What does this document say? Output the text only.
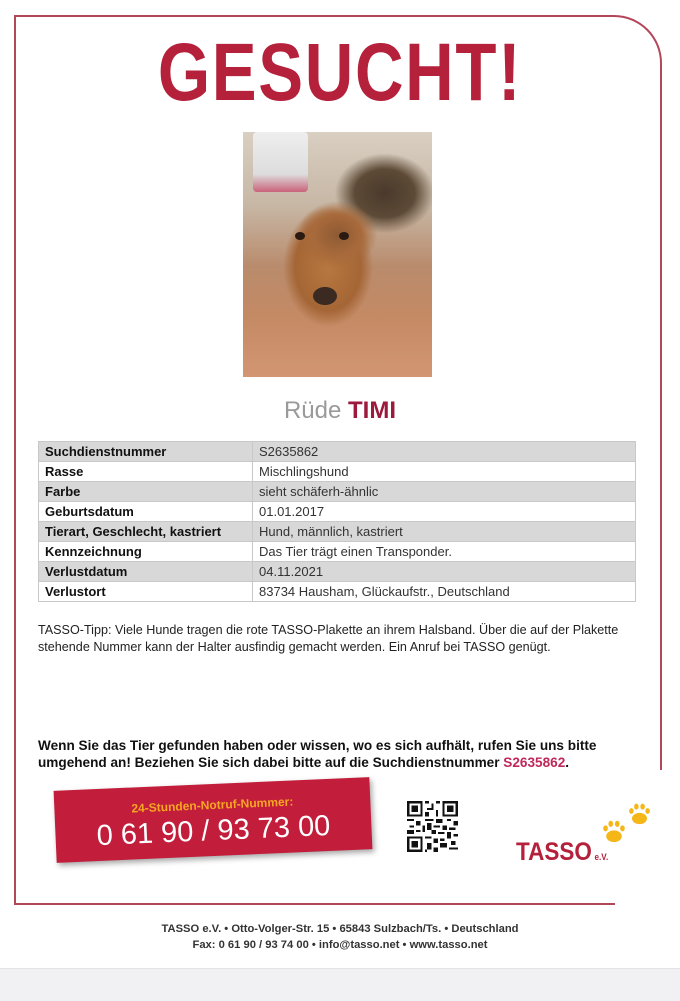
GESUCHT!
Rüde TIMI
Suchdienstnummer	S2635862
Rasse	Mischlingshund
Farbe	sieht schäferh-ähnlic
Geburtsdatum	01.01.2017
Tierart, Geschlecht, kastriert	Hund, männlich, kastriert
Kennzeichnung	Das Tier trägt einen Transponder.
Verlustdatum	04.11.2021
Verlustort	83734 Hausham, Glückaufstr., Deutschland
TASSO-Tipp: Viele Hunde tragen die rote TASSO-Plakette an ihrem Halsband. Über die auf der Plakette stehende Nummer kann der Halter ausfindig gemacht werden. Ein Anruf bei TASSO genügt.
Wenn Sie das Tier gefunden haben oder wissen, wo es sich aufhält, rufen Sie uns bitte umgehend an! Beziehen Sie sich dabei bitte auf die Suchdienstnummer S2635862.
24-Stunden-Notruf-Nummer:
0 61 90 / 93 73 00	TASSO e.V.
TASSO e.V. • Otto-Volger-Str. 15 • 65843 Sulzbach/Ts. • Deutschland
Fax: 0 61 90 / 93 74 00 • info@tasso.net • www.tasso.net
